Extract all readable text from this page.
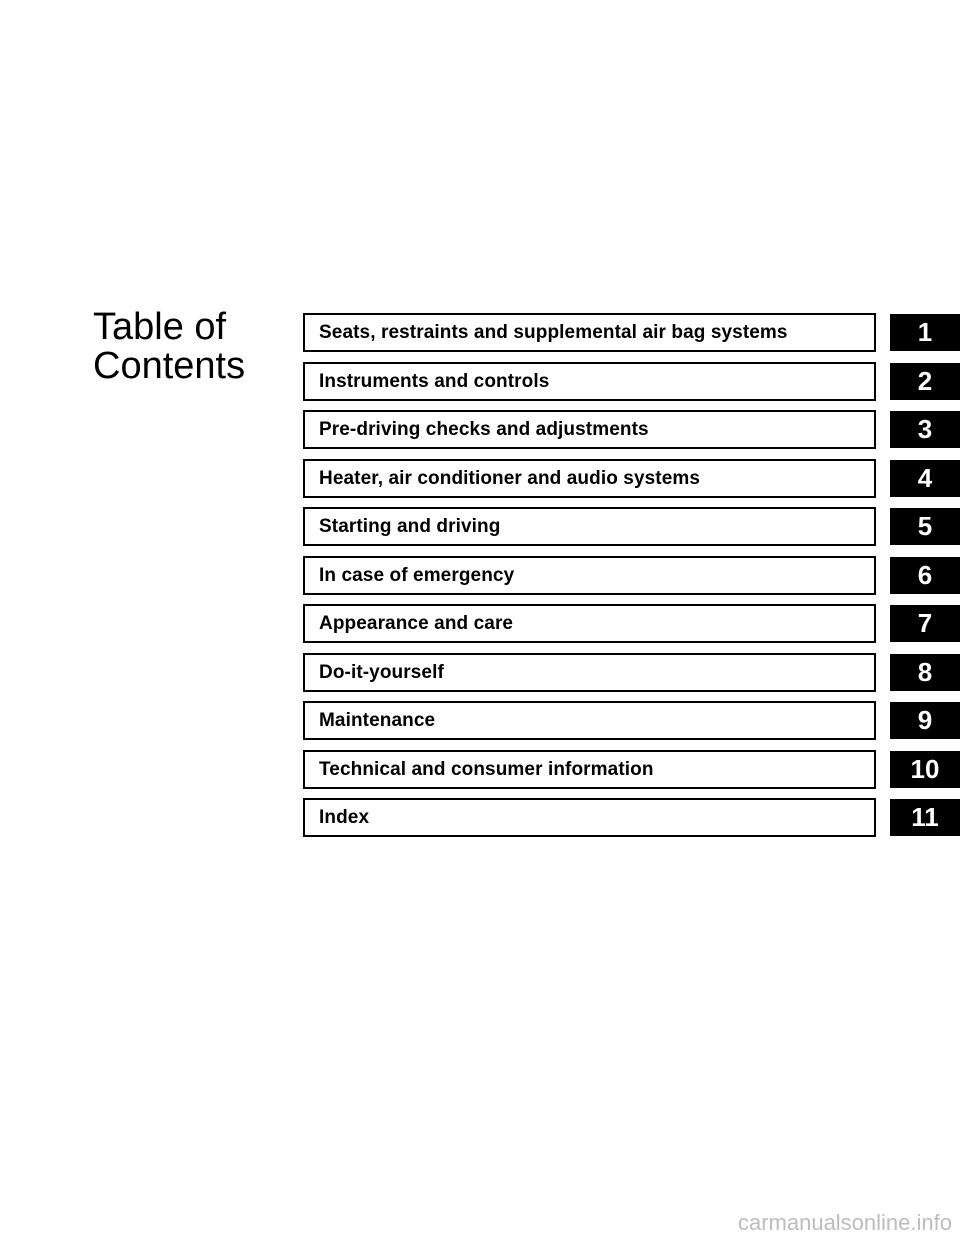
Table of
Contents
Seats, restraints and supplemental air bag systems	1
Instruments and controls	2
Pre-driving checks and adjustments	3
Heater, air conditioner and audio systems	4
Starting and driving	5
In case of emergency	6
Appearance and care	7
Do-it-yourself	8
Maintenance	9
Technical and consumer information	10
Index	11
carmanualsonline.info
